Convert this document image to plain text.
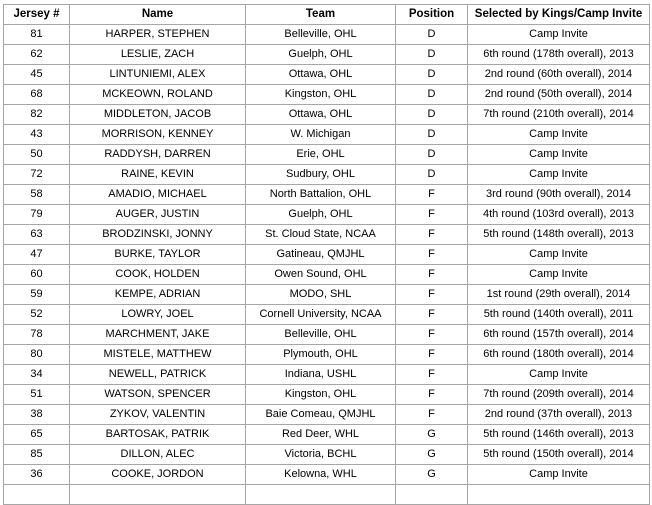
Jersey #	Name	Team	Position	Selected by Kings/Camp Invite
81	HARPER, STEPHEN	Belleville, OHL	D	Camp Invite
62	LESLIE, ZACH	Guelph, OHL	D	6th round (178th overall), 2013
45	LINTUNIEMI, ALEX	Ottawa, OHL	D	2nd round (60th overall), 2014
68	MCKEOWN, ROLAND	Kingston, OHL	D	2nd round (50th overall), 2014
82	MIDDLETON, JACOB	Ottawa, OHL	D	7th round (210th overall), 2014
43	MORRISON, KENNEY	W. Michigan	D	Camp Invite
50	RADDYSH, DARREN	Erie, OHL	D	Camp Invite
72	RAINE, KEVIN	Sudbury, OHL	D	Camp Invite
58	AMADIO, MICHAEL	North Battalion, OHL	F	3rd round (90th overall), 2014
79	AUGER, JUSTIN	Guelph, OHL	F	4th round (103rd overall), 2013
63	BRODZINSKI, JONNY	St. Cloud State, NCAA	F	5th round (148th overall), 2013
47	BURKE, TAYLOR	Gatineau, QMJHL	F	Camp Invite
60	COOK, HOLDEN	Owen Sound, OHL	F	Camp Invite
59	KEMPE, ADRIAN	MODO, SHL	F	1st round (29th overall), 2014
52	LOWRY, JOEL	Cornell University, NCAA	F	5th round (140th overall), 2011
78	MARCHMENT, JAKE	Belleville, OHL	F	6th round (157th overall), 2014
80	MISTELE, MATTHEW	Plymouth, OHL	F	6th round (180th overall), 2014
34	NEWELL, PATRICK	Indiana, USHL	F	Camp Invite
51	WATSON, SPENCER	Kingston, OHL	F	7th round (209th overall), 2014
38	ZYKOV, VALENTIN	Baie Comeau, QMJHL	F	2nd round (37th overall), 2013
65	BARTOSAK, PATRIK	Red Deer, WHL	G	5th round (146th overall), 2013
85	DILLON, ALEC	Victoria, BCHL	G	5th round (150th overall), 2014
36	COOKE, JORDON	Kelowna, WHL	G	Camp Invite
